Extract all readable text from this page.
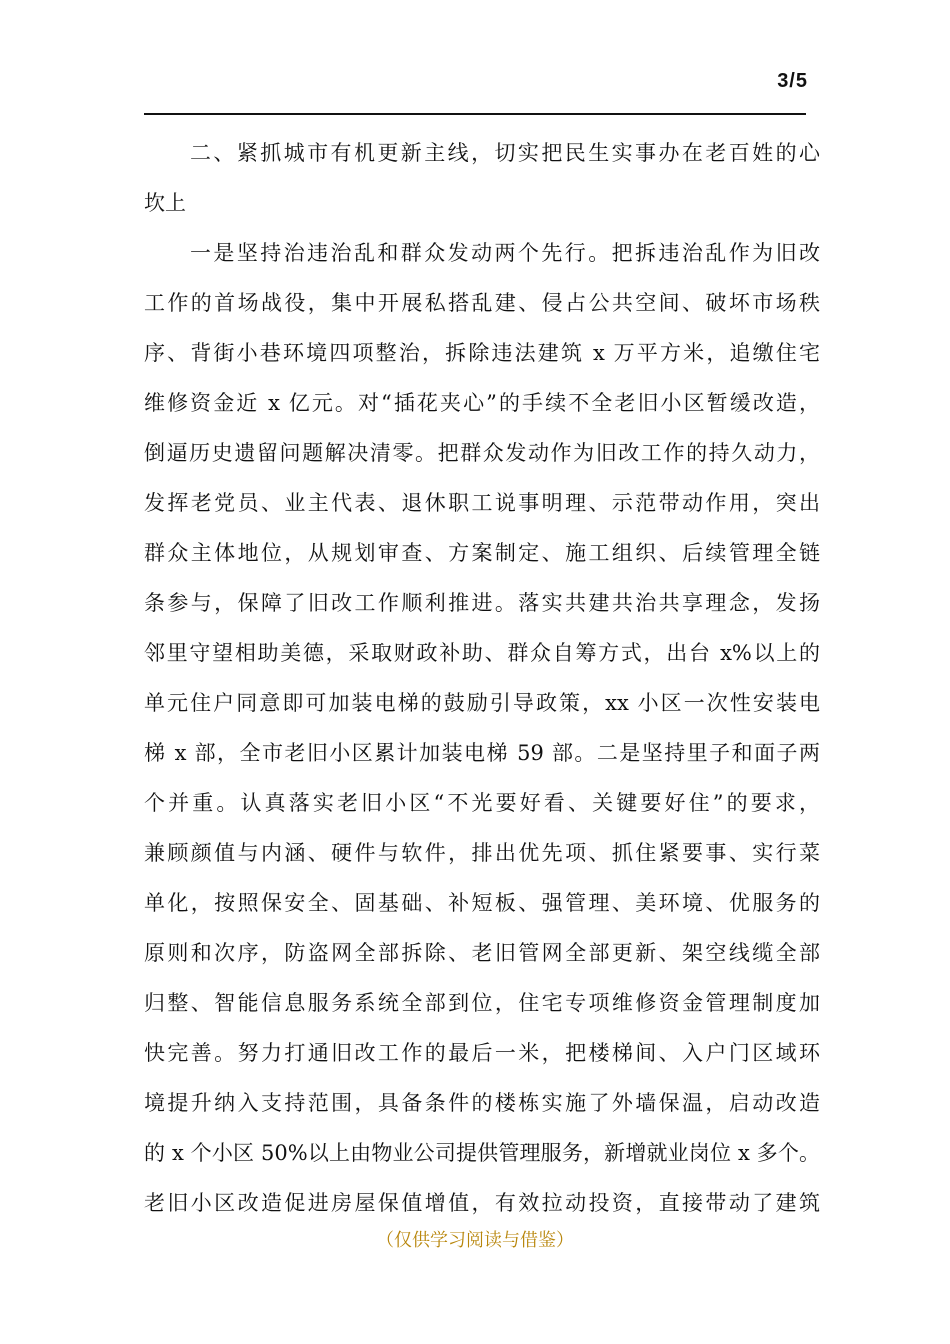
3/5
二、紧抓城市有机更新主线，切实把民生实事办在老百姓的心
坎上
一是坚持治违治乱和群众发动两个先行。把拆违治乱作为旧改
工作的首场战役，集中开展私搭乱建、侵占公共空间、破坏市场秩
序、背街小巷环境四项整治，拆除违法建筑 x 万平方米，追缴住宅
维修资金近 x 亿元。对“插花夹心”的手续不全老旧小区暂缓改造，
倒逼历史遗留问题解决清零。把群众发动作为旧改工作的持久动力，
发挥老党员、业主代表、退休职工说事明理、示范带动作用，突出
群众主体地位，从规划审查、方案制定、施工组织、后续管理全链
条参与，保障了旧改工作顺利推进。落实共建共治共享理念，发扬
邻里守望相助美德，采取财政补助、群众自筹方式，出台 x%以上的
单元住户同意即可加装电梯的鼓励引导政策，xx 小区一次性安装电
梯 x 部，全市老旧小区累计加装电梯 59 部。二是坚持里子和面子两
个并重。认真落实老旧小区“不光要好看、关键要好住”的要求，
兼顾颜值与内涵、硬件与软件，排出优先项、抓住紧要事、实行菜
单化，按照保安全、固基础、补短板、强管理、美环境、优服务的
原则和次序，防盗网全部拆除、老旧管网全部更新、架空线缆全部
归整、智能信息服务系统全部到位，住宅专项维修资金管理制度加
快完善。努力打通旧改工作的最后一米，把楼梯间、入户门区域环
境提升纳入支持范围，具备条件的楼栋实施了外墙保温，启动改造
的 x 个小区 50%以上由物业公司提供管理服务，新增就业岗位 x 多个。
老旧小区改造促进房屋保值增值，有效拉动投资，直接带动了建筑
（仅供学习阅读与借鉴）
